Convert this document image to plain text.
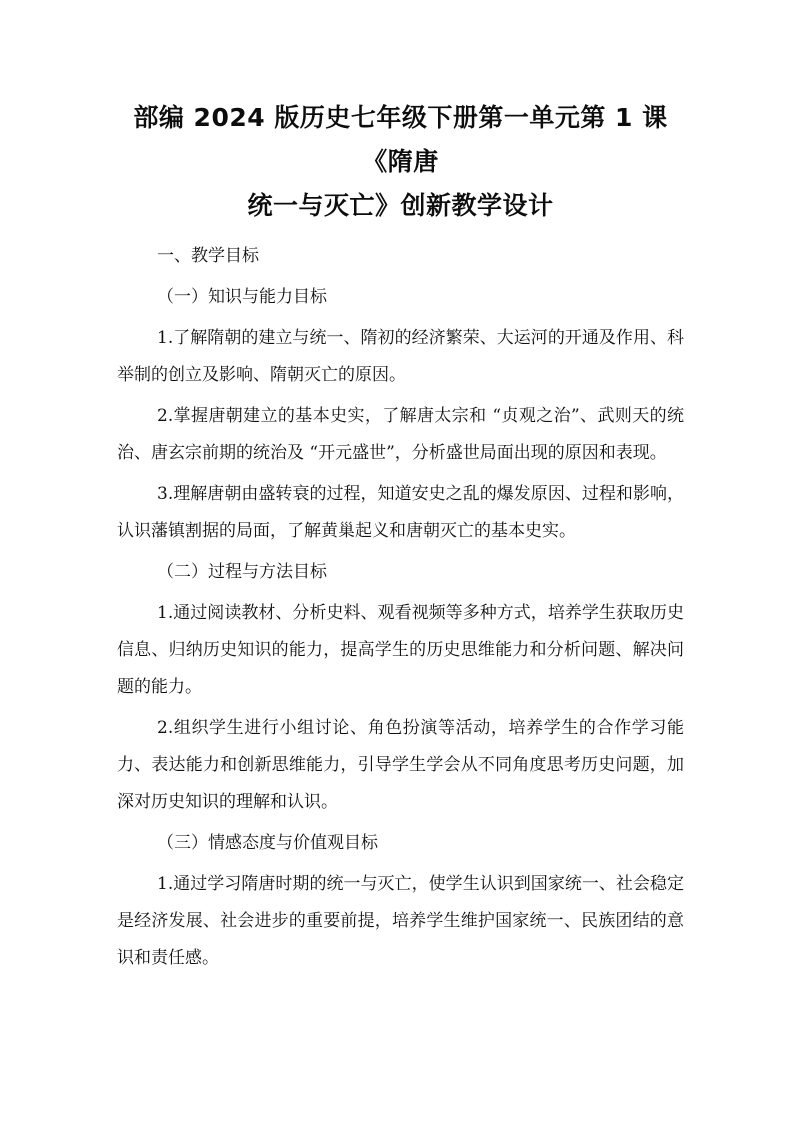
部编 2024 版历史七年级下册第一单元第 1 课《隋唐
统一与灭亡》创新教学设计

一、教学目标

（一）知识与能力目标

1.了解隋朝的建立与统一、隋初的经济繁荣、大运河的开通及作用、科举制的创立及影响、隋朝灭亡的原因。

2.掌握唐朝建立的基本史实，了解唐太宗和 “贞观之治”、武则天的统治、唐玄宗前期的统治及 “开元盛世”，分析盛世局面出现的原因和表现。

3.理解唐朝由盛转衰的过程，知道安史之乱的爆发原因、过程和影响，认识藩镇割据的局面，了解黄巢起义和唐朝灭亡的基本史实。

（二）过程与方法目标

1.通过阅读教材、分析史料、观看视频等多种方式，培养学生获取历史信息、归纳历史知识的能力，提高学生的历史思维能力和分析问题、解决问题的能力。

2.组织学生进行小组讨论、角色扮演等活动，培养学生的合作学习能力、表达能力和创新思维能力，引导学生学会从不同角度思考历史问题，加深对历史知识的理解和认识。

（三）情感态度与价值观目标

1.通过学习隋唐时期的统一与灭亡，使学生认识到国家统一、社会稳定是经济发展、社会进步的重要前提，培养学生维护国家统一、民族团结的意识和责任感。
